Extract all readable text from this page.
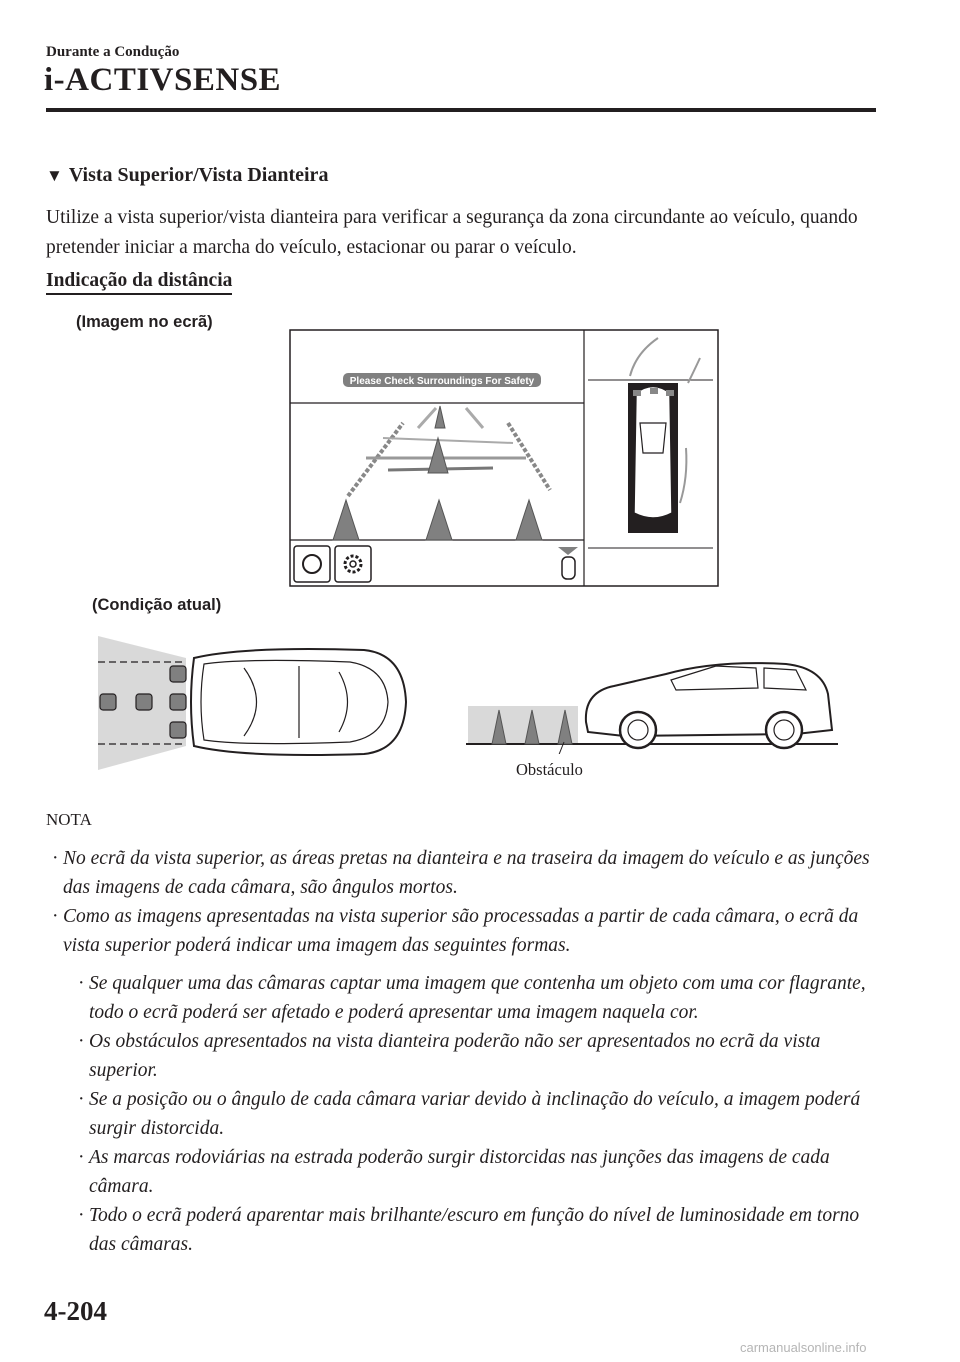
Durante a Condução
i-ACTIVSENSE
▼ Vista Superior/Vista Dianteira
Utilize a vista superior/vista dianteira para verificar a segurança da zona circundante ao veículo, quando pretender iniciar a marcha do veículo, estacionar ou parar o veículo.
Indicação da distância
(Imagem no ecrã)
Please Check Surroundings For Safety
(Condição atual)
Obstáculo
NOTA
· No ecrã da vista superior, as áreas pretas na dianteira e na traseira da imagem do veículo e as junções das imagens de cada câmara, são ângulos mortos.
· Como as imagens apresentadas na vista superior são processadas a partir de cada câmara, o ecrã da vista superior poderá indicar uma imagem das seguintes formas.
· Se qualquer uma das câmaras captar uma imagem que contenha um objeto com uma cor flagrante, todo o ecrã poderá ser afetado e poderá apresentar uma imagem naquela cor.
· Os obstáculos apresentados na vista dianteira poderão não ser apresentados no ecrã da vista superior.
· Se a posição ou o ângulo de cada câmara variar devido à inclinação do veículo, a imagem poderá surgir distorcida.
· As marcas rodoviárias na estrada poderão surgir distorcidas nas junções das imagens de cada câmara.
· Todo o ecrã poderá aparentar mais brilhante/escuro em função do nível de luminosidade em torno das câmaras.
4-204
carmanualsonline.info
